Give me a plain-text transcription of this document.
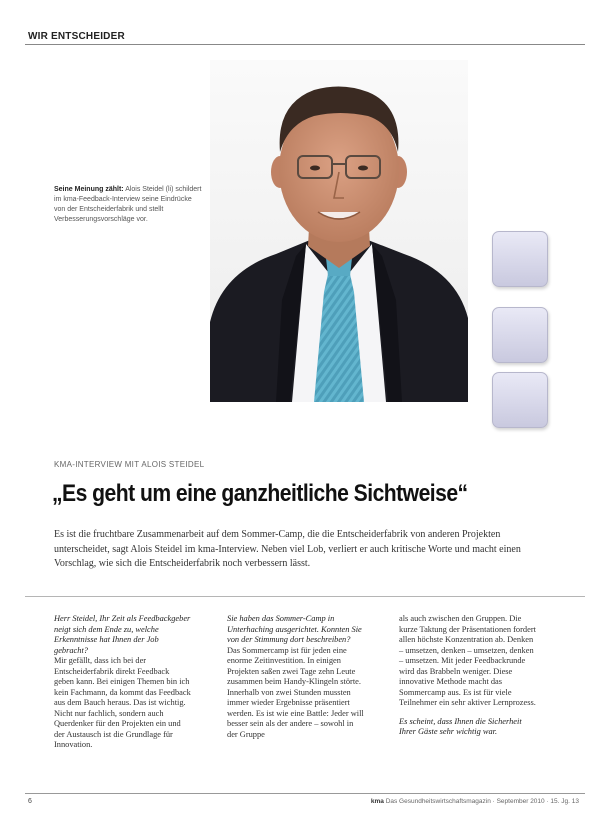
WIR ENTSCHEIDER
Seine Meinung zählt: Alois Steidel (li) schildert im kma-Feedback-Interview seine Eindrücke von der Entscheiderfabrik und stellt Verbesserungsvorschläge vor.
KMA-INTERVIEW MIT ALOIS STEIDEL
„Es geht um eine ganzheitliche Sichtweise“
Es ist die fruchtbare Zusammenarbeit auf dem Sommer-Camp, die die Entscheiderfabrik von anderen Projekten unterscheidet, sagt Alois Steidel im kma-Interview. Neben viel Lob, verliert er auch kritische Worte und macht einen Vorschlag, wie sich die Entscheiderfabrik noch verbessern lässt.

Herr Steidel, Ihr Zeit als Feedbackgeber neigt sich dem Ende zu, welche Erkenntnisse hat Ihnen der Job gebracht?

Mir gefällt, dass ich bei der Entscheiderfabrik direkt Feedback geben kann. Bei einigen Themen bin ich kein Fachmann, da kommt das Feedback aus dem Bauch heraus. Das ist wichtig. Nicht nur fachlich, sondern auch Querdenker für den Projekten ein und der Austausch ist die Grundlage für Innovation.

Sie haben das Sommer-Camp in Unterhaching ausgerichtet. Konnten Sie von der Stimmung dort beschreiben?

Das Sommercamp ist für jeden eine enorme Zeitinvestition. In einigen Projekten saßen zwei Tage zehn Leute zusammen beim Handy-Klingeln störte. Innerhalb von zwei Stunden mussten immer wieder Ergebnisse präsentiert werden. Es ist wie eine Battle: Jeder will besser sein als der andere – sowohl in der Gruppe

als auch zwischen den Gruppen. Die kurze Taktung der Präsentationen fordert allen höchste Konzentration ab. Denken – umsetzen, denken – umsetzen, denken – umsetzen. Mit jeder Feedbackrunde wird das Brabbeln weniger. Diese innovative Methode macht das Sommercamp aus. Es ist für viele Teilnehmer ein sehr aktiver Lernprozess.

Es scheint, dass Ihnen die Sicherheit Ihrer Gäste sehr wichtig war.

6	kma Das Gesundheitswirtschaftsmagazin · September 2010 · 15. Jg. 13
